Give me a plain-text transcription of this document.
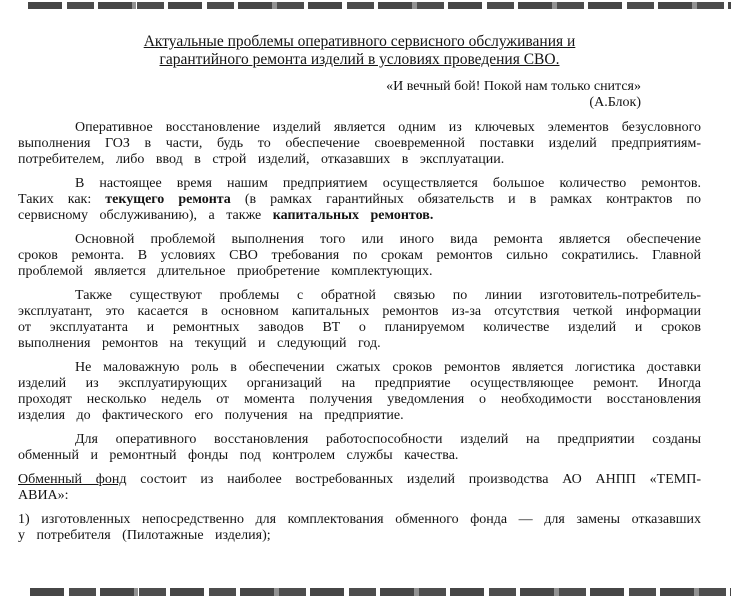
Актуальные проблемы оперативного сервисного обслуживания и
гарантийного ремонта изделий в условиях проведения СВО.
«И вечный бой! Покой нам только снится»
(А.Блок)

Оперативное восстановление изделий является одним из ключевых элементов безусловного выполнения ГОЗ в части, будь то обеспечение своевременной поставки изделий предприятиям-потребителем, либо ввод в строй изделий, отказавших в эксплуатации.

В настоящее время нашим предприятием осуществляется большое количество ремонтов. Таких как: текущего ремонта (в рамках гарантийных обязательств и в рамках контрактов по сервисному обслуживанию), а также капитальных ремонтов.

Основной проблемой выполнения того или иного вида ремонта является обеспечение сроков ремонта. В условиях СВО требования по срокам ремонтов сильно сократились. Главной проблемой является длительное приобретение комплектующих.

Также существуют проблемы с обратной связью по линии изготовитель-потребитель-эксплуатант, это касается в основном капитальных ремонтов из-за отсутствия четкой информации от эксплуатанта и ремонтных заводов ВТ о планируемом количестве изделий и сроков выполнения ремонтов на текущий и следующий год.

Не маловажную роль в обеспечении сжатых сроков ремонтов является логистика доставки изделий из эксплуатирующих организаций на предприятие осуществляющее ремонт. Иногда проходят несколько недель от момента получения уведомления о необходимости восстановления изделия до фактического его получения на предприятие.

Для оперативного восстановления работоспособности изделий на предприятии созданы обменный и ремонтный фонды под контролем службы качества.

Обменный фонд состоит из наиболее востребованных изделий производства АО АНПП «ТЕМП-АВИА»:

1) изготовленных непосредственно для комплектования обменного фонда — для замены отказавших у потребителя (Пилотажные изделия);
